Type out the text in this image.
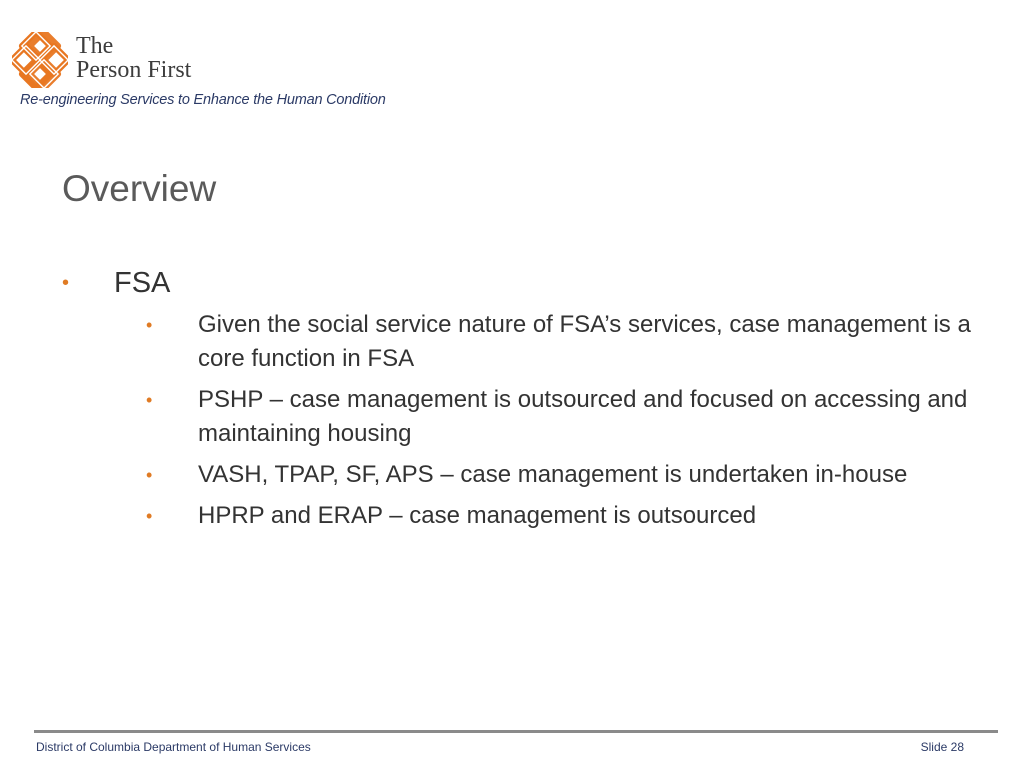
The
Person First
Re-engineering Services to Enhance the Human Condition
Overview
• FSA
• Given the social service nature of FSA’s services, case management is a core function in FSA
• PSHP – case management is outsourced and focused on accessing and maintaining housing
• VASH, TPAP, SF, APS – case management is undertaken in-house
• HPRP and ERAP – case management is outsourced
District of Columbia Department of Human Services	Slide 28
